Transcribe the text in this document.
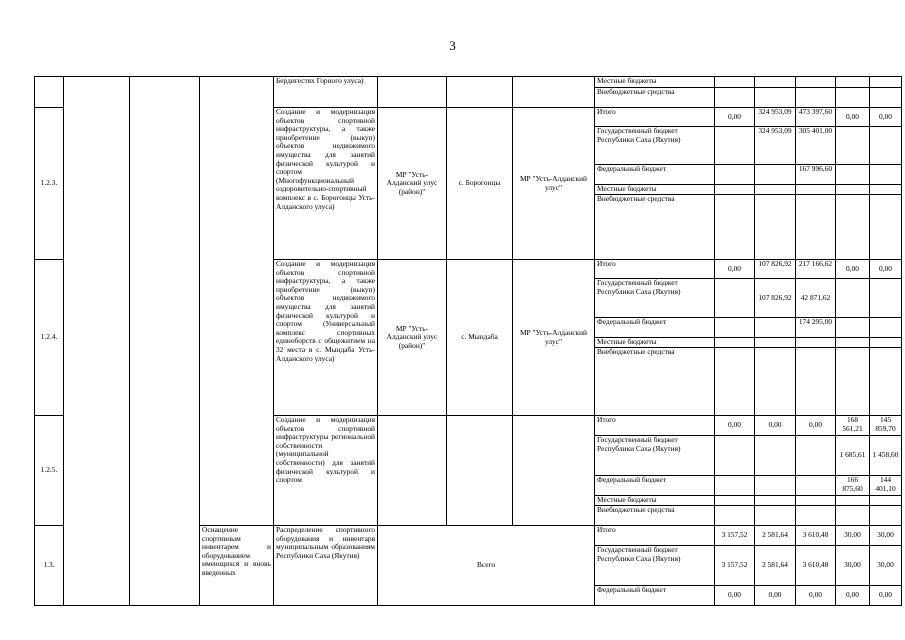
3
				Бердигестях Горного улуса)				Местные бюджеты					
								Внебюджетные средства					

1.2.3.				Создание и модернизация объектов спортивной инфраструктуры, а также приобретение (выкуп) объектов недвижимого имущества для занятий физической культурой и спортом (Многофункциональный оздоровительно-спортивный комплекс в с. Борогонцы Усть-Алданского улуса)	МР "Усть-Алданский улус (район)"	с. Борогонцы	МР "Усть-Алданский улус"	Итого	0,00	324 953,09	473 397,60	0,00	0,00
								Государственный бюджет Республики Саха (Якутия)		324 953,09	305 401,00		
								Федеральный бюджет			167 996,60		
								Местные бюджеты					
								Внебюджетные средства					

1.2.4.				Создание и модернизация объектов спортивной инфраструктуры, а также приобретение (выкуп) объектов недвижимого имущества для занятий физической культурой и спортом (Универсальный комплекс спортивных единоборств с общежитием на 32 места в с. Мындаба Усть-Алданского улуса)	МР "Усть-Алданский улус (район)"	с. Мындаба	МР "Усть-Алданский улус"	Итого	0,00	107 826,92	217 166,62	0,00	0,00
								Государственный бюджет Республики Саха (Якутия)		107 826,92	42 871,62		
								Федеральный бюджет			174 295,00		
								Местные бюджеты					
								Внебюджетные средства					

1.2.5.				Создание и модернизация объектов спортивной инфраструктуры региональной собственности (муниципальной собственности) для занятий физической культурой и спортом				Итого	0,00	0,00	0,00	168 561,21	145 859,70
								Государственный бюджет Республики Саха (Якутия)				1 685,61	1 458,60
								Федеральный бюджет				166 875,60	144 401,10
								Местные бюджеты					
								Внебюджетные средства					

1.3.			Оснащение спортивным инвентарем и оборудованием имеющихся и вновь введенных	Распределение спортивного оборудования и инвентаря муниципальным образованиям Республики Саха (Якутия)	Всего			Итого	3 157,52	2 581,64	3 610,48	30,00	30,00
								Государственный бюджет Республики Саха (Якутия)	3 157,52	2 581,64	3 610,48	30,00	30,00

								Федеральный бюджет	0,00	0,00	0,00	0,00	0,00
